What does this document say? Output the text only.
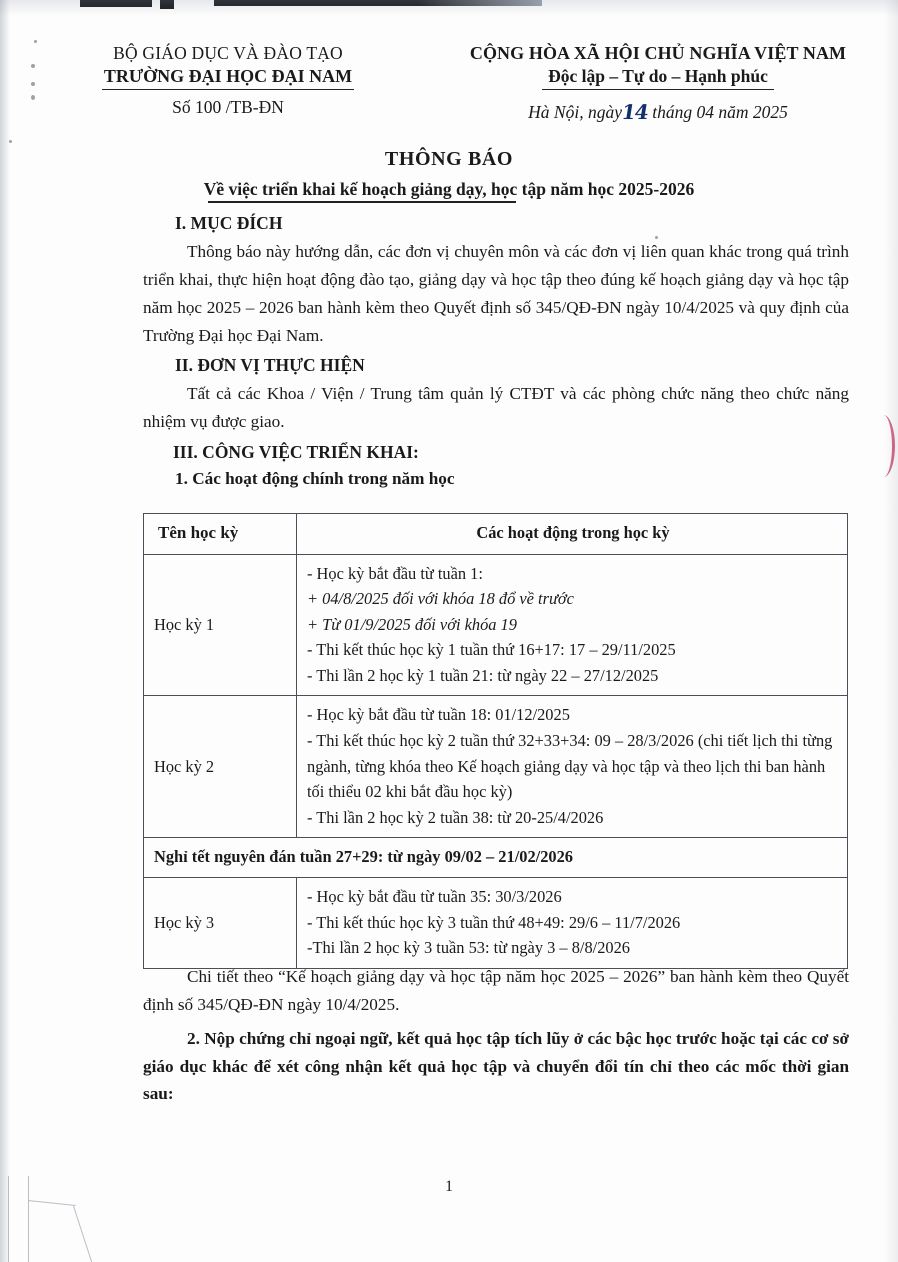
BỘ GIÁO DỤC VÀ ĐÀO TẠO
TRƯỜNG ĐẠI HỌC ĐẠI NAM
Số 100 /TB-ĐN
CỘNG HÒA XÃ HỘI CHỦ NGHĨA VIỆT NAM
Độc lập – Tự do – Hạnh phúc
Hà Nội, ngày14 tháng 04 năm 2025
THÔNG BÁO
Về việc triển khai kế hoạch giảng dạy, học tập năm học 2025-2026
I. MỤC ĐÍCH

Thông báo này hướng dẫn, các đơn vị chuyên môn và các đơn vị liên quan khác trong quá trình triển khai, thực hiện hoạt động đào tạo, giảng dạy và học tập theo đúng kế hoạch giảng dạy và học tập năm học 2025 – 2026 ban hành kèm theo Quyết định số 345/QĐ-ĐN ngày 10/4/2025 và quy định của Trường Đại học Đại Nam.

II. ĐƠN VỊ THỰC HIỆN

Tất cả các Khoa / Viện / Trung tâm quản lý CTĐT và các phòng chức năng theo chức năng nhiệm vụ được giao.

III. CÔNG VIỆC TRIỂN KHAI:
1. Các hoạt động chính trong năm học
Tên học kỳ	Các hoạt động trong học kỳ
Học kỳ 1	- Học kỳ bắt đầu từ tuần 1:
+ 04/8/2025 đối với khóa 18 đổ về trước
+ Từ 01/9/2025 đối với khóa 19
- Thi kết thúc học kỳ 1 tuần thứ 16+17: 17 – 29/11/2025
- Thi lần 2 học kỳ 1 tuần 21: từ ngày 22 – 27/12/2025

Học kỳ 2	- Học kỳ bắt đầu từ tuần 18: 01/12/2025
- Thi kết thúc học kỳ 2 tuần thứ 32+33+34: 09 – 28/3/2026 (chi tiết lịch thi từng ngành, từng khóa theo Kế hoạch giảng dạy và học tập và theo lịch thi ban hành tối thiểu 02 khi bắt đầu học kỳ)
- Thi lần 2 học kỳ 2 tuần 38: từ 20-25/4/2026

Nghỉ tết nguyên đán tuần 27+29: từ ngày 09/02 – 21/02/2026	
Học kỳ 3	- Học kỳ bắt đầu từ tuần 35: 30/3/2026
- Thi kết thúc học kỳ 3 tuần thứ 48+49: 29/6 – 11/7/2026
-Thi lần 2 học kỳ 3 tuần 53: từ ngày 3 – 8/8/2026

Chi tiết theo “Kế hoạch giảng dạy và học tập năm học 2025 – 2026” ban hành kèm theo Quyết định số 345/QĐ-ĐN ngày 10/4/2025.

2. Nộp chứng chỉ ngoại ngữ, kết quả học tập tích lũy ở các bậc học trước hoặc tại các cơ sở giáo dục khác để xét công nhận kết quả học tập và chuyển đổi tín chỉ theo các mốc thời gian sau:

1
